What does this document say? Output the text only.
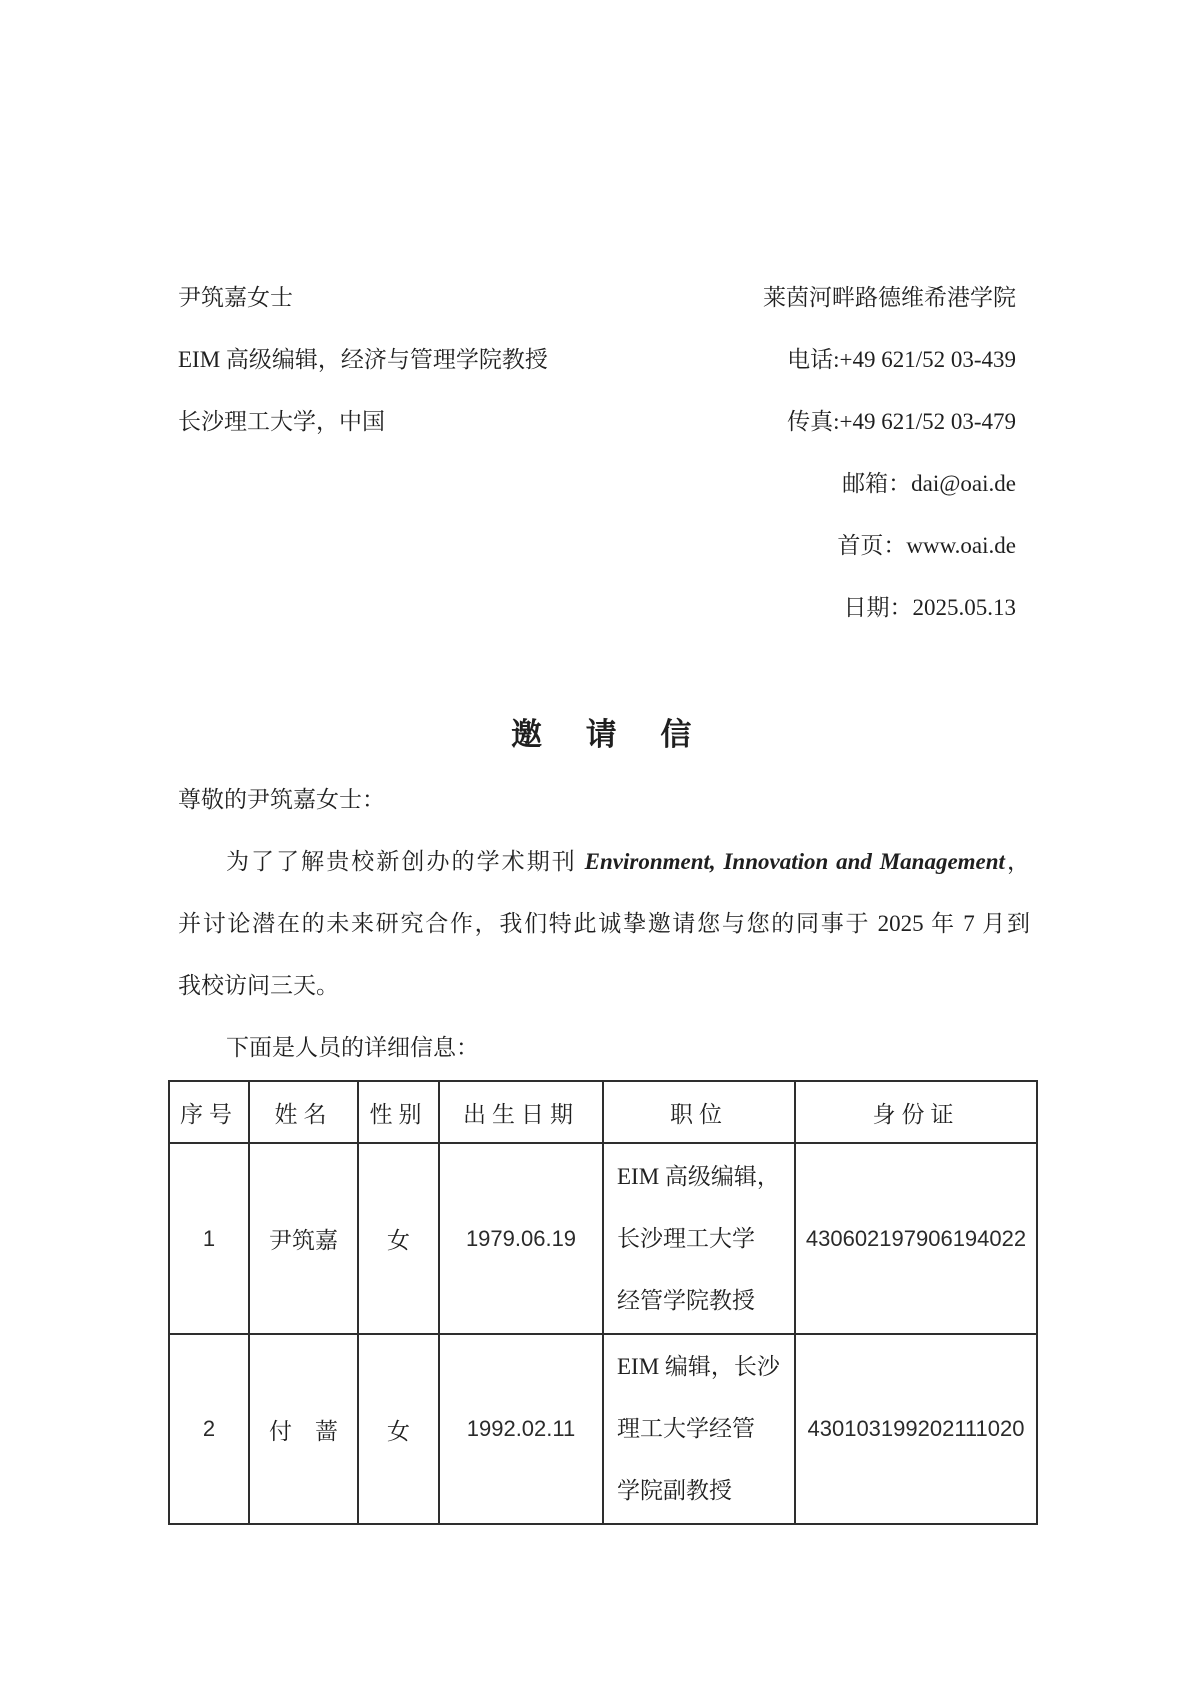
尹筑嘉女士
EIM 高级编辑，经济与管理学院教授
长沙理工大学，中国
莱茵河畔路德维希港学院
电话:+49 621/52 03-439
传真:+49 621/52 03-479
邮箱：dai@oai.de
首页：www.oai.de
日期：2025.05.13
邀 请 信
尊敬的尹筑嘉女士：
为了了解贵校新创办的学术期刊 Environment, Innovation and Management，
并讨论潜在的未来研究合作，我们特此诚挚邀请您与您的同事于 2025 年 7 月到
我校访问三天。
下面是人员的详细信息：
序号	姓名	性别	出生日期	职位	身份证
1	尹筑嘉	女	1979.06.19	EIM 高级编辑，
长沙理工大学
经管学院教授	430602197906194022
2	付　蔷	女	1992.02.11	EIM 编辑，长沙
理工大学经管
学院副教授	430103199202111020
